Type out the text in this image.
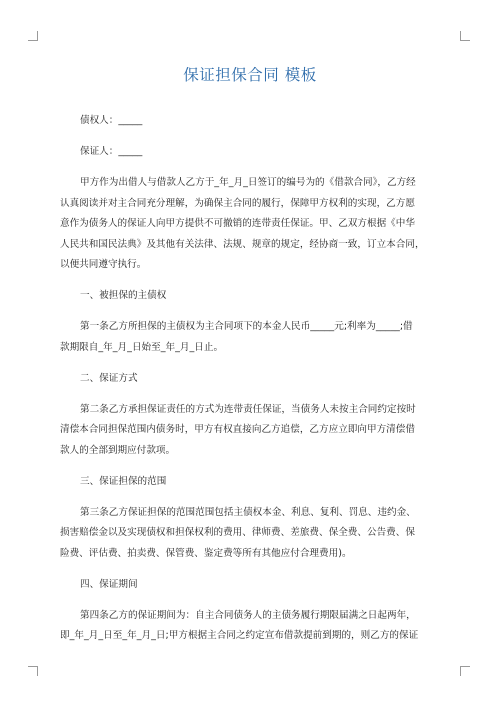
保证担保合同 模板
债权人：_____
保证人：_____
甲方作为出借人与借款人乙方于_年_月_日签订的编号为的《借款合同》，乙方经
认真阅读并对主合同充分理解，为确保主合同的履行，保障甲方权利的实现，乙方愿
意作为债务人的保证人向甲方提供不可撤销的连带责任保证。甲、乙双方根据《中华
人民共和国民法典》及其他有关法律、法规、规章的规定，经协商一致，订立本合同，
以便共同遵守执行。
一、被担保的主债权
第一条乙方所担保的主债权为主合同项下的本金人民币_____元;利率为_____;借
款期限自_年_月_日始至_年_月_日止。
二、保证方式
第二条乙方承担保证责任的方式为连带责任保证，当债务人未按主合同约定按时
清偿本合同担保范围内债务时，甲方有权直接向乙方追偿，乙方应立即向甲方清偿借
款人的全部到期应付款项。
三、保证担保的范围
第三条乙方保证担保的范围范围包括主债权本金、利息、复利、罚息、违约金、
损害赔偿金以及实现债权和担保权利的费用、律师费、差旅费、保全费、公告费、保
险费、评估费、拍卖费、保管费、鉴定费等所有其他应付合理费用)。
四、保证期间
第四条乙方的保证期间为：自主合同债务人的主债务履行期限届满之日起两年，
即_年_月_日至_年_月_日;甲方根据主合同之约定宣布借款提前到期的，则乙方的保证
